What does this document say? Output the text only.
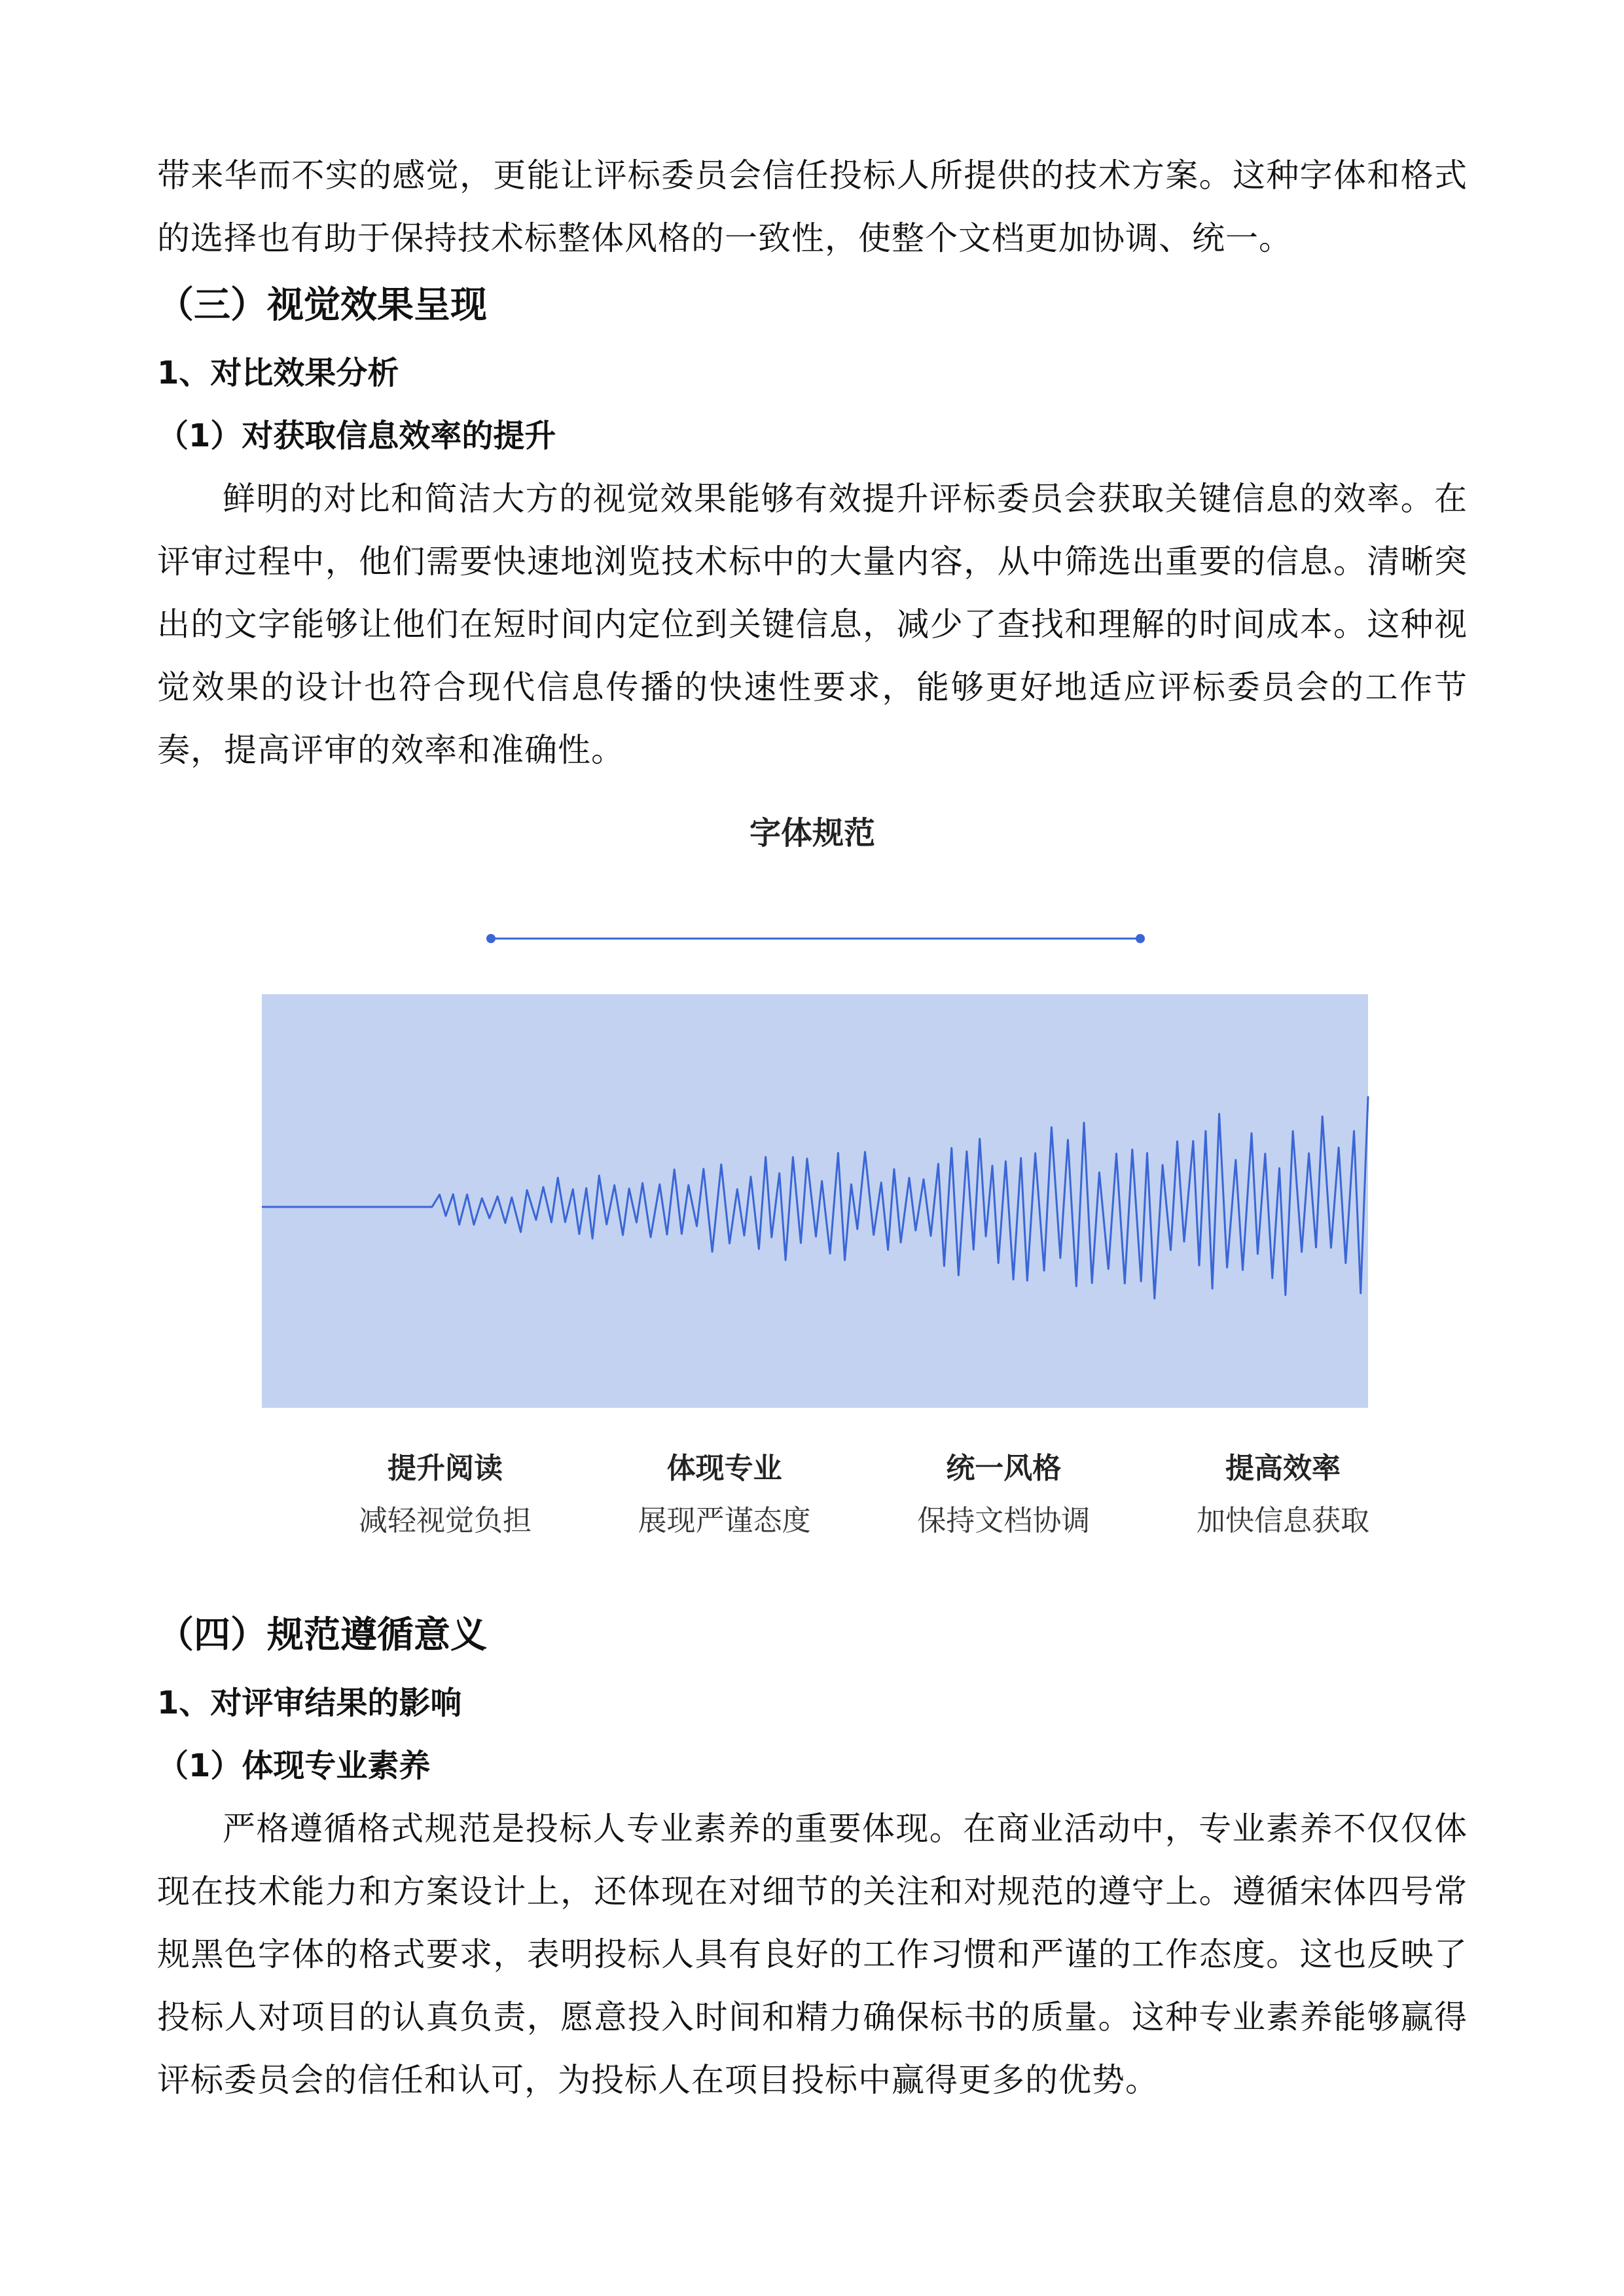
带来华而不实的感觉，更能让评标委员会信任投标人所提供的技术方案。这种字体和格式的选择也有助于保持技术标整体风格的一致性，使整个文档更加协调、统一。

（三）视觉效果呈现
1、对比效果分析
（1）对获取信息效率的提升

鲜明的对比和简洁大方的视觉效果能够有效提升评标委员会获取关键信息的效率。在评审过程中，他们需要快速地浏览技术标中的大量内容，从中筛选出重要的信息。清晰突出的文字能够让他们在短时间内定位到关键信息，减少了查找和理解的时间成本。这种视觉效果的设计也符合现代信息传播的快速性要求，能够更好地适应评标委员会的工作节奏，提高评审的效率和准确性。

字体规范
提升阅读
减轻视觉负担
体现专业
展现严谨态度
统一风格
保持文档协调
提高效率
加快信息获取
（四）规范遵循意义
1、对评审结果的影响
（1）体现专业素养

严格遵循格式规范是投标人专业素养的重要体现。在商业活动中，专业素养不仅仅体现在技术能力和方案设计上，还体现在对细节的关注和对规范的遵守上。遵循宋体四号常规黑色字体的格式要求，表明投标人具有良好的工作习惯和严谨的工作态度。这也反映了投标人对项目的认真负责，愿意投入时间和精力确保标书的质量。这种专业素养能够赢得评标委员会的信任和认可，为投标人在项目投标中赢得更多的优势。
